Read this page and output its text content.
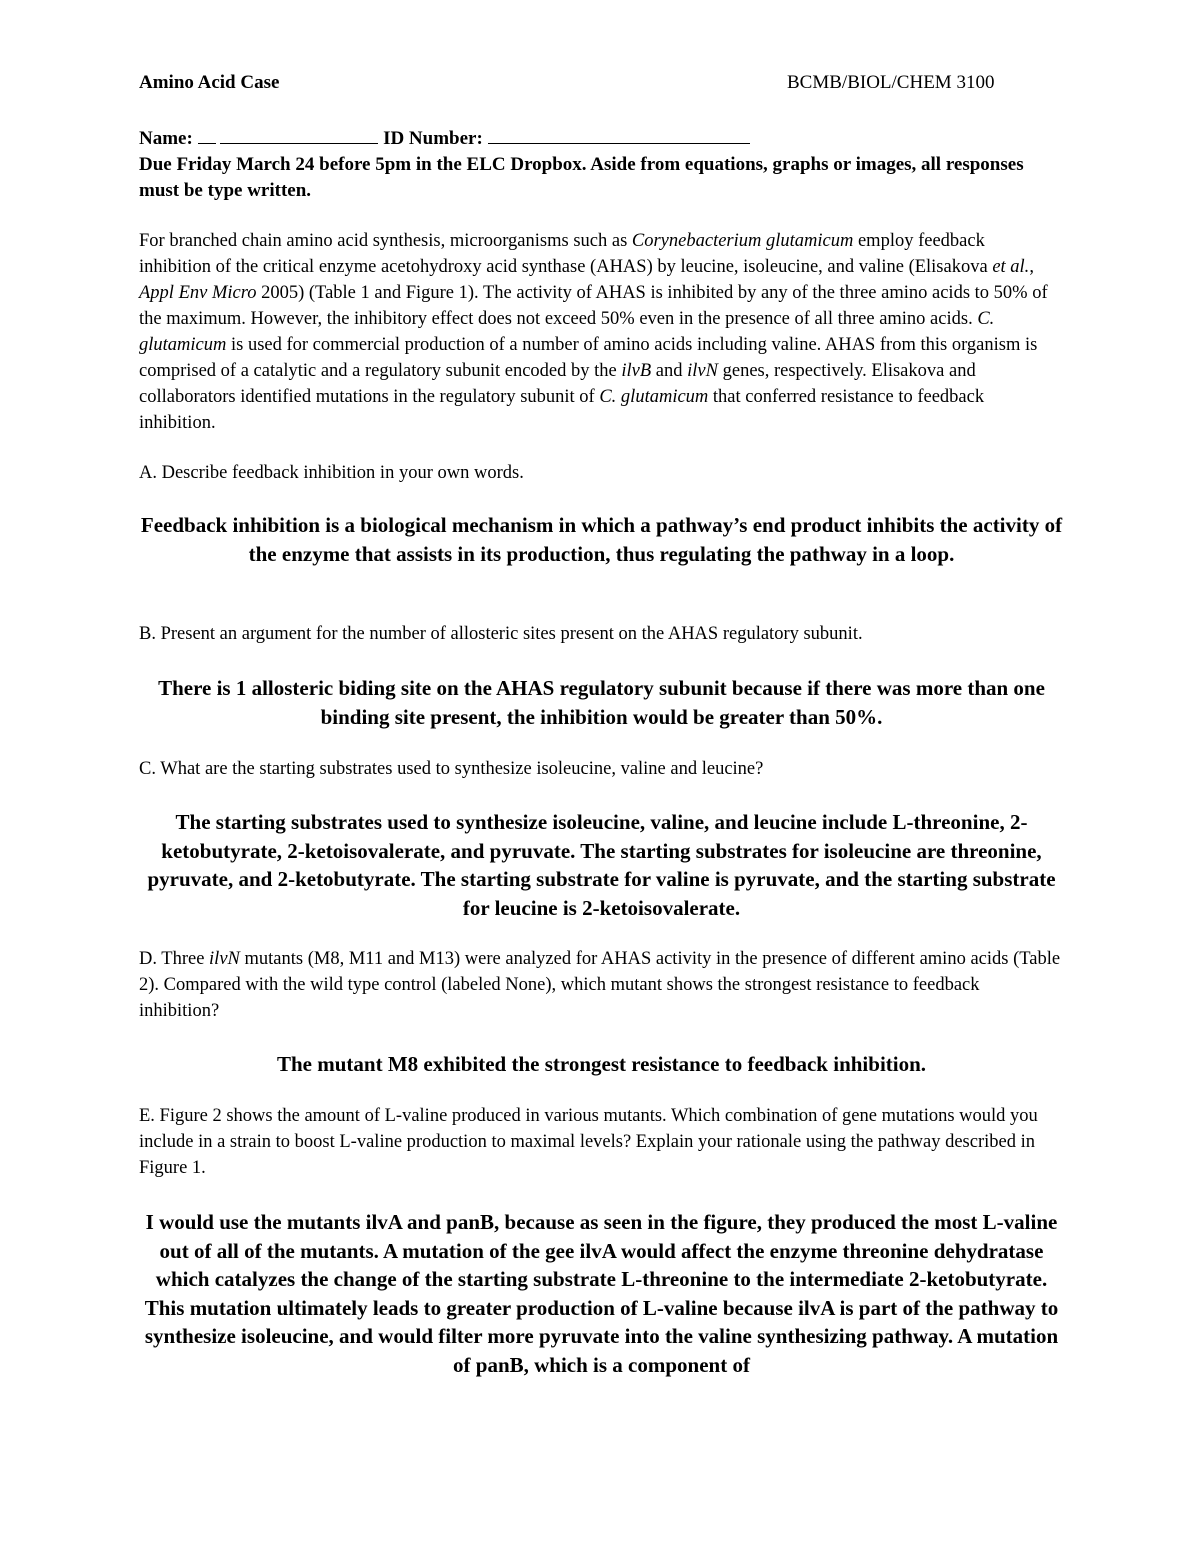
Amino Acid Case	BCMB/BIOL/CHEM 3100
Name:	ID Number:
Due Friday March 24 before 5pm in the ELC Dropbox. Aside from equations, graphs or images, all responses must be type written.

For branched chain amino acid synthesis, microorganisms such as Corynebacterium glutamicum employ feedback inhibition of the critical enzyme acetohydroxy acid synthase (AHAS) by leucine, isoleucine, and valine (Elisakova et al., Appl Env Micro 2005) (Table 1 and Figure 1). The activity of AHAS is inhibited by any of the three amino acids to 50% of the maximum. However, the inhibitory effect does not exceed 50% even in the presence of all three amino acids. C. glutamicum is used for commercial production of a number of amino acids including valine. AHAS from this organism is comprised of a catalytic and a regulatory subunit encoded by the ilvB and ilvN genes, respectively. Elisakova and collaborators identified mutations in the regulatory subunit of C. glutamicum that conferred resistance to feedback inhibition.

A. Describe feedback inhibition in your own words.

Feedback inhibition is a biological mechanism in which a pathway’s end product inhibits the activity of the enzyme that assists in its production, thus regulating the pathway in a loop.

B. Present an argument for the number of allosteric sites present on the AHAS regulatory subunit.

There is 1 allosteric biding site on the AHAS regulatory subunit because if there was more than one binding site present, the inhibition would be greater than 50%.

C. What are the starting substrates used to synthesize isoleucine, valine and leucine?

The starting substrates used to synthesize isoleucine, valine, and leucine include L-threonine, 2-ketobutyrate, 2-ketoisovalerate, and pyruvate. The starting substrates for isoleucine are threonine, pyruvate, and 2-ketobutyrate. The starting substrate for valine is pyruvate, and the starting substrate for leucine is 2-ketoisovalerate.

D. Three ilvN mutants (M8, M11 and M13) were analyzed for AHAS activity in the presence of different amino acids (Table 2). Compared with the wild type control (labeled None), which mutant shows the strongest resistance to feedback inhibition?

The mutant M8 exhibited the strongest resistance to feedback inhibition.

E. Figure 2 shows the amount of L-valine produced in various mutants. Which combination of gene mutations would you include in a strain to boost L-valine production to maximal levels? Explain your rationale using the pathway described in Figure 1.

I would use the mutants ilvA and panB, because as seen in the figure, they produced the most L-valine out of all of the mutants. A mutation of the gee ilvA would affect the enzyme threonine dehydratase which catalyzes the change of the starting substrate L-threonine to the intermediate 2-ketobutyrate. This mutation ultimately leads to greater production of L-valine because ilvA is part of the pathway to synthesize isoleucine, and would filter more pyruvate into the valine synthesizing pathway. A mutation of panB, which is a component of
